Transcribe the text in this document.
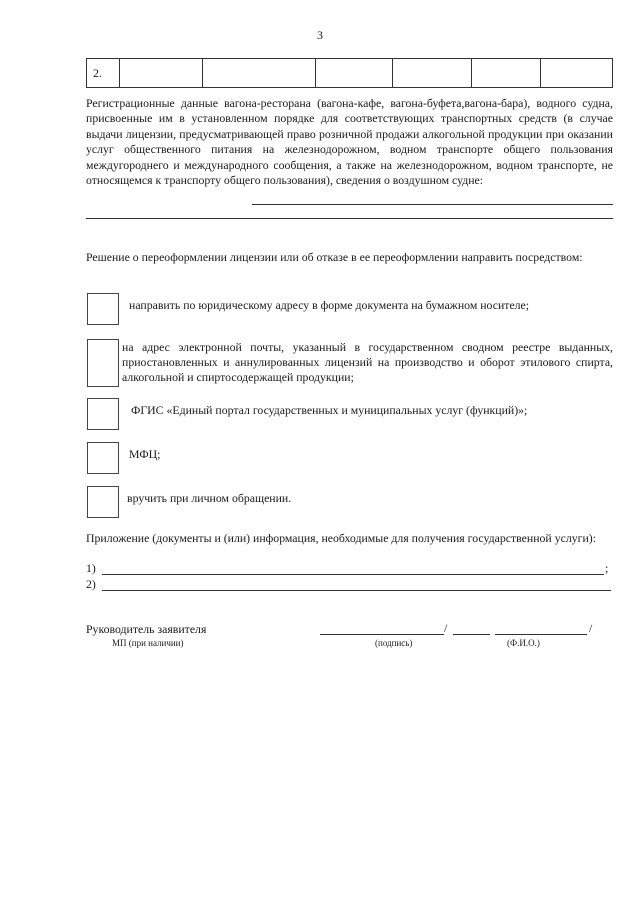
3
2.						
Регистрационные данные вагона-ресторана (вагона-кафе, вагона-буфета,вагона-бара), водного судна, присвоенные им в установленном порядке для соответствующих транспортных средств (в случае выдачи лицензии, предусматривающей право розничной продажи алкогольной продукции при оказании услуг общественного питания на железнодорожном, водном транспорте общего пользования междугороднего и международного сообщения, а также на железнодорожном, водном транспорте, не относящемся к транспорту общего пользования), сведения о воздушном судне:
Решение о переоформлении лицензии или об отказе в ее переоформлении направить посредством:
направить по юридическому адресу в форме документа на бумажном носителе;
на адрес электронной почты, указанный в государственном сводном реестре выданных, приостановленных и аннулированных лицензий на производство и оборот этилового спирта, алкогольной и спиртосодержащей продукции;
ФГИС «Единый портал государственных и муниципальных услуг (функций)»;
МФЦ;
вручить при личном обращении.
Приложение (документы и (или) информация, необходимые для получения государственной услуги):
1)	;
2)
Руководитель заявителя
МП (при наличии)
/	/
(подпись)	(Ф.И.О.)
